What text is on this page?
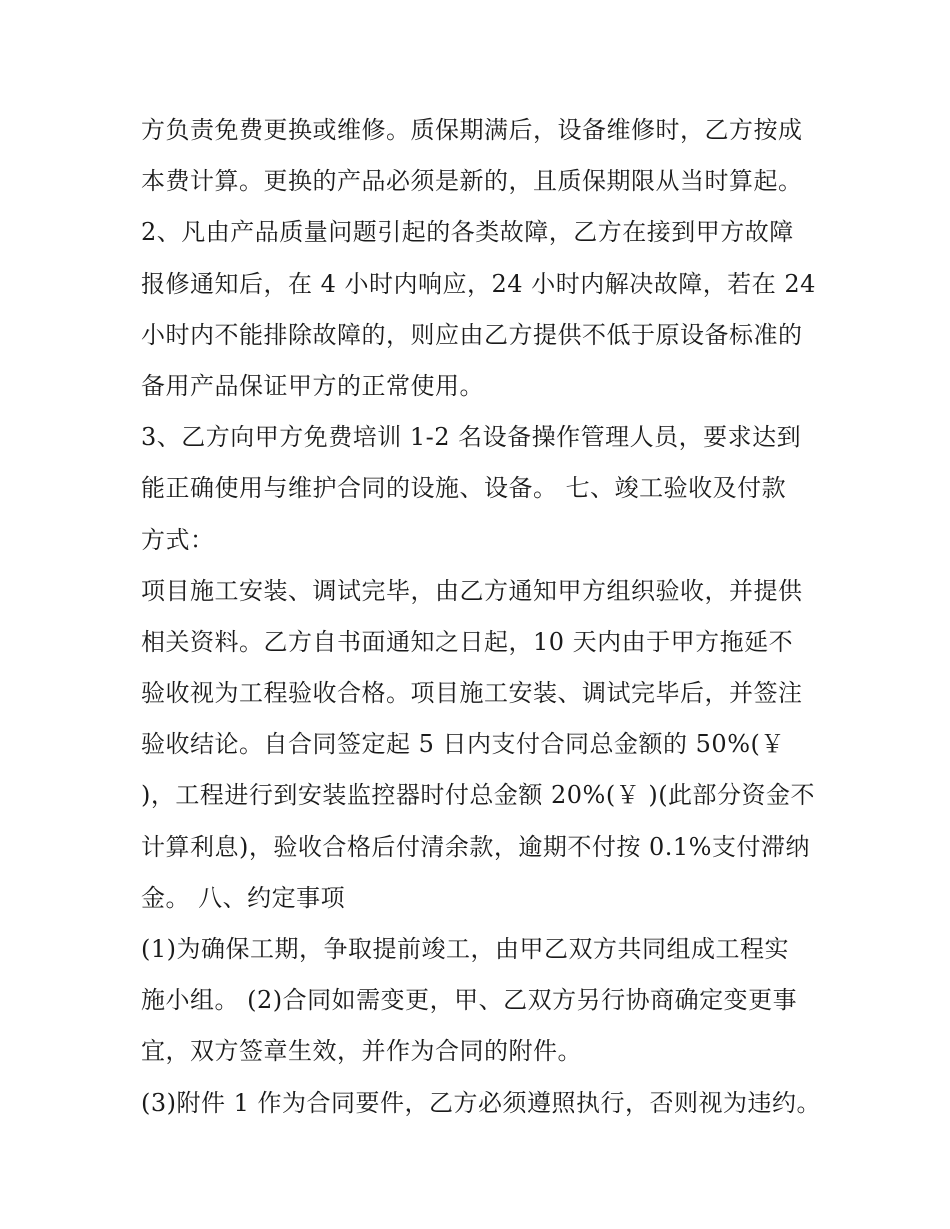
方负责免费更换或维修。质保期满后，设备维修时，乙方按成
本费计算。更换的产品必须是新的，且质保期限从当时算起。
2、凡由产品质量问题引起的各类故障，乙方在接到甲方故障
报修通知后，在 4 小时内响应，24 小时内解决故障，若在 24
小时内不能排除故障的，则应由乙方提供不低于原设备标准的
备用产品保证甲方的正常使用。
3、乙方向甲方免费培训 1-2 名设备操作管理人员，要求达到
能正确使用与维护合同的设施、设备。 七、竣工验收及付款
方式：
项目施工安装、调试完毕，由乙方通知甲方组织验收，并提供
相关资料。乙方自书面通知之日起，10 天内由于甲方拖延不
验收视为工程验收合格。项目施工安装、调试完毕后，并签注
验收结论。自合同签定起 5 日内支付合同总金额的 50%(￥
)，工程进行到安装监控器时付总金额 20%(￥ )(此部分资金不
计算利息)，验收合格后付清余款，逾期不付按 0.1%支付滞纳
金。 八、约定事项
(1)为确保工期，争取提前竣工，由甲乙双方共同组成工程实
施小组。 (2)合同如需变更，甲、乙双方另行协商确定变更事
宜，双方签章生效，并作为合同的附件。
(3)附件 1 作为合同要件，乙方必须遵照执行，否则视为违约。
